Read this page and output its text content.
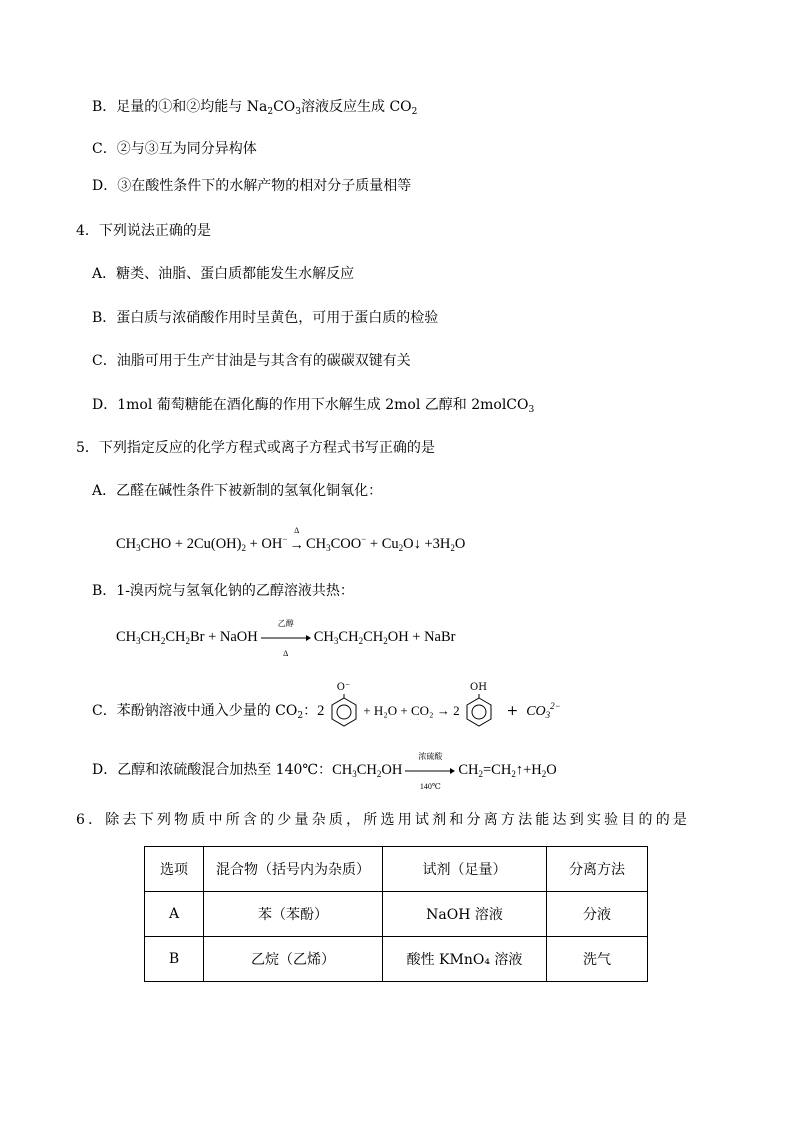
B．足量的①和②均能与 $Na_2CO_3$溶液反应生成 $CO_2$
C．②与③互为同分异构体
D．③在酸性条件下的水解产物的相对分子质量相等
4．下列说法正确的是
A．糖类、油脂、蛋白质都能发生水解反应
B．蛋白质与浓硝酸作用时呈黄色，可用于蛋白质的检验
C．油脂可用于生产甘油是与其含有的碳碳双键有关
D．1mol 葡萄糖能在酒化酶的作用下水解生成 2mol 乙醇和 2molCO$_3$
5．下列指定反应的化学方程式或离子方程式书写正确的是
A．乙醛在碱性条件下被新制的氢氧化铜氧化：
$CH_3CHO + 2Cu(OH)_2 + OH^-$
Δ
→ $CH_3COO^-$ + $Cu_2O↓ +3H_2O$
B．1-溴丙烷与氢氧化钠的乙醇溶液共热：
$CH_3CH_2CH_2Br$ + NaOH
乙醇
Δ
$CH_3CH_2CH_2OH$ + NaBr
C．苯酚钠溶液中通入少量的 $CO_2$：2
O⁻
+ H₂O + CO₂ → 2
OH
+ $CO_3^{2-}$
D．乙醇和浓硫酸混合加热至 140℃：$CH_3CH_2OH$
浓硫酸
140℃
$CH_2=CH_2↑+H_2O$
6．除去下列物质中所含的少量杂质，所选用试剂和分离方法能达到实验目的的是
选项	混合物（括号内为杂质）	试剂（足量）	分离方法
A	苯（苯酚）	NaOH 溶液	分液
B	乙烷（乙烯）	酸性 KMnO₄ 溶液	洗气
